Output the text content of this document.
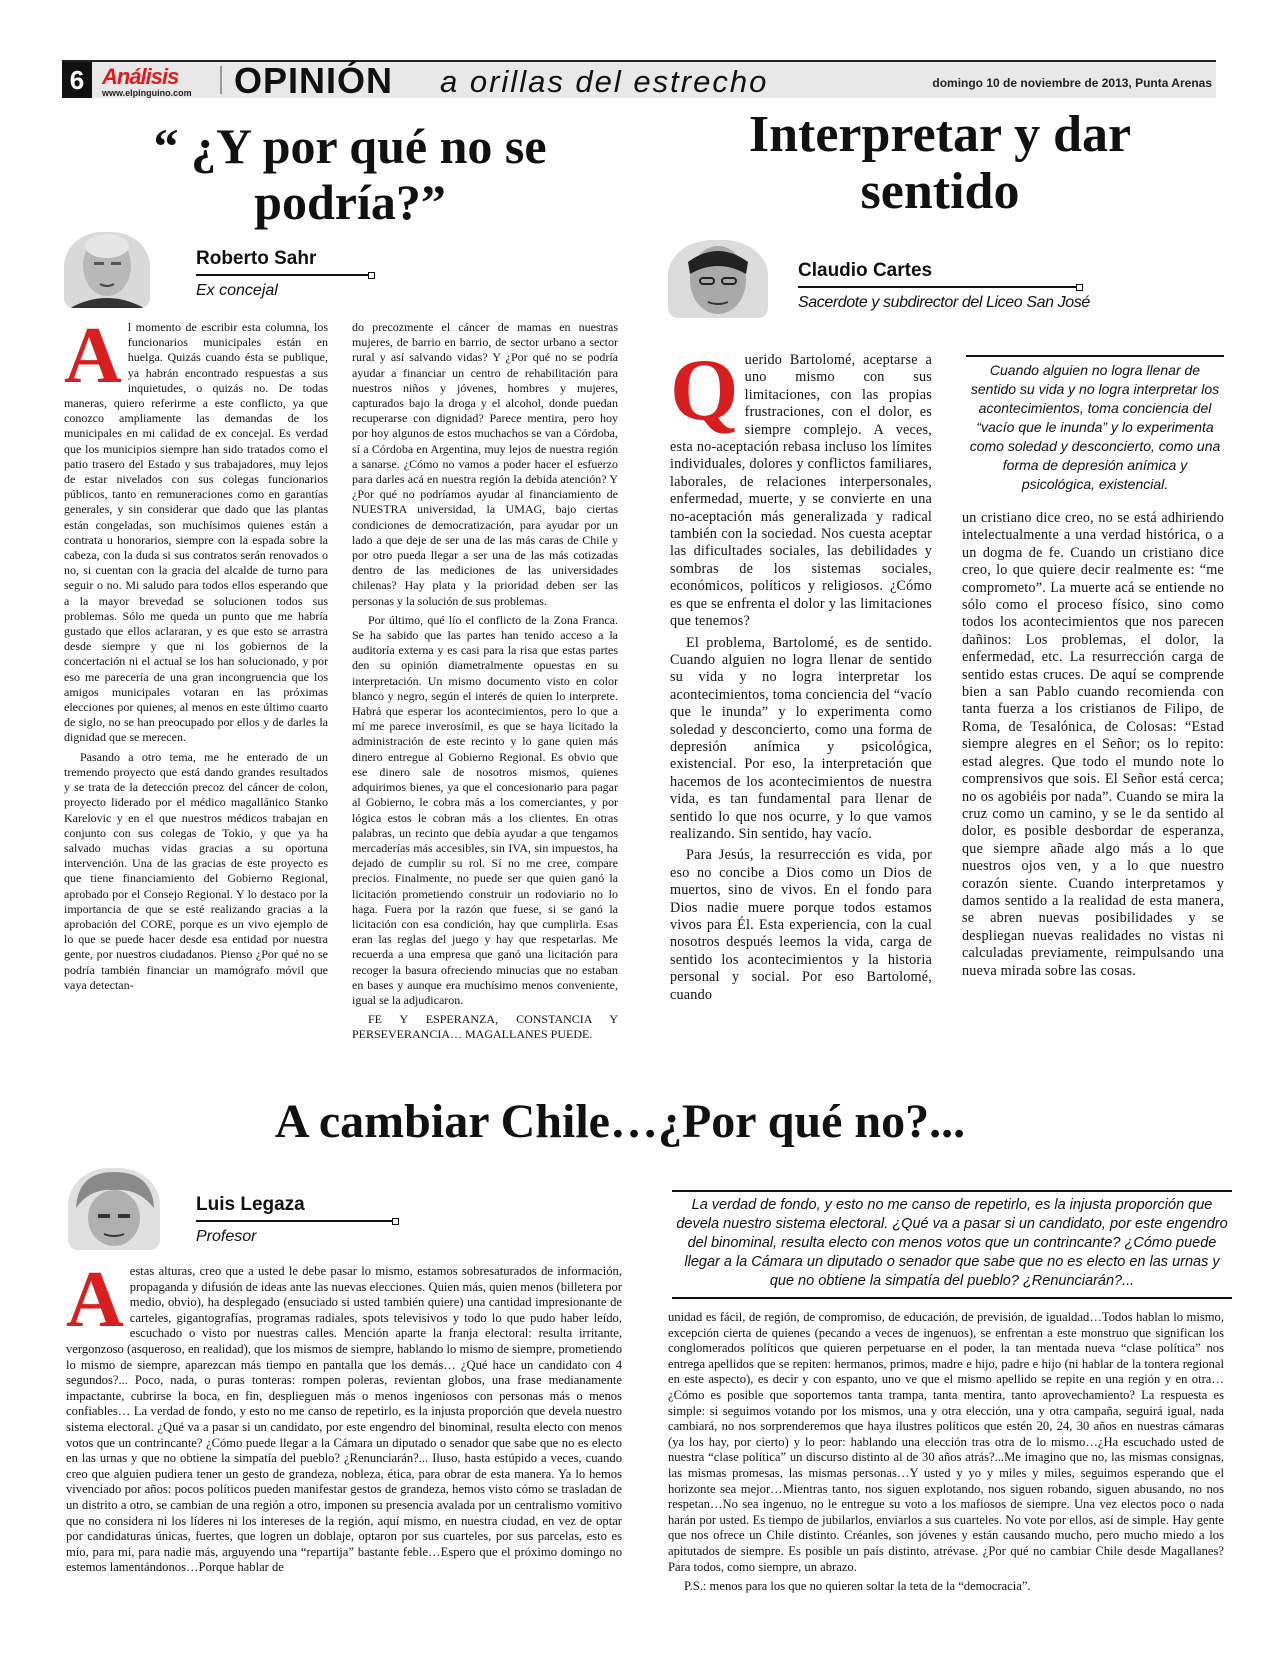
6 Análisis
www.elpinguino.com OPINIÓN a orillas del estrecho	domingo 10 de noviembre de 2013, Punta Arenas
“ ¿Y por qué no se podría?”
Roberto Sahr
Ex concejal
A l momento de escribir esta columna, los funcionarios municipales están en huelga. Quizás cuando ésta se publique, ya habrán encontrado respuestas a sus inquietudes, o quizás no. De todas maneras, quiero referirme a este conflicto, ya que conozco ampliamente las demandas de los municipales en mi calidad de ex concejal. Es verdad que los municipios siempre han sido tratados como el patio trasero del Estado y sus trabajadores, muy lejos de estar nivelados con sus colegas funcionarios públicos, tanto en remuneraciones como en garantías generales, y sin considerar que dado que las plantas están congeladas, son muchísimos quienes están a contrata u honorarios, siempre con la espada sobre la cabeza, con la duda si sus contratos serán renovados o no, si cuentan con la gracia del alcalde de turno para seguir o no. Mi saludo para todos ellos esperando que a la mayor brevedad se solucionen todos sus problemas. Sólo me queda un punto que me habría gustado que ellos aclararan, y es que esto se arrastra desde siempre y que ni los gobiernos de la concertación ni el actual se los han solucionado, y por eso me parecería de una gran incongruencia que los amigos municipales votaran en las próximas elecciones por quienes, al menos en este último cuarto de siglo, no se han preocupado por ellos y de darles la dignidad que se merecen.

Pasando a otro tema, me he enterado de un tremendo proyecto que está dando grandes resultados y se trata de la detección precoz del cáncer de colon, proyecto liderado por el médico magallánico Stanko Karelovic y en el que nuestros médicos trabajan en conjunto con sus colegas de Tokio, y que ya ha salvado muchas vidas gracias a su oportuna intervención. Una de las gracias de este proyecto es que tiene financiamiento del Gobierno Regional, aprobado por el Consejo Regional. Y lo destaco por la importancia de que se esté realizando gracias a la aprobación del CORE, porque es un vivo ejemplo de lo que se puede hacer desde esa entidad por nuestra gente, por nuestros ciudadanos. Pienso ¿Por qué no se podría también financiar un mamógrafo móvil que vaya detectan-

do precozmente el cáncer de mamas en nuestras mujeres, de barrio en barrio, de sector urbano a sector rural y así salvando vidas? Y ¿Por qué no se podría ayudar a financiar un centro de rehabilitación para nuestros niños y jóvenes, hombres y mujeres, capturados bajo la droga y el alcohol, donde puedan recuperarse con dignidad? Parece mentira, pero hoy por hoy algunos de estos muchachos se van a Córdoba, sí a Córdoba en Argentina, muy lejos de nuestra región a sanarse. ¿Cómo no vamos a poder hacer el esfuerzo para darles acá en nuestra región la debida atención? Y ¿Por qué no podríamos ayudar al financiamiento de NUESTRA universidad, la UMAG, bajo ciertas condiciones de democratización, para ayudar por un lado a que deje de ser una de las más caras de Chile y por otro pueda llegar a ser una de las más cotizadas dentro de las mediciones de las universidades chilenas? Hay plata y la prioridad deben ser las personas y la solución de sus problemas.

Por último, qué lío el conflicto de la Zona Franca. Se ha sabido que las partes han tenido acceso a la auditoría externa y es casi para la risa que estas partes den su opinión diametralmente opuestas en su interpretación. Un mismo documento visto en color blanco y negro, según el interés de quien lo interprete. Habrá que esperar los acontecimientos, pero lo que a mí me parece inverosímil, es que se haya licitado la administración de este recinto y lo gane quien más dinero entregue al Gobierno Regional. Es obvio que ese dinero sale de nosotros mismos, quienes adquirimos bienes, ya que el concesionario para pagar al Gobierno, le cobra más a los comerciantes, y por lógica estos le cobran más a los clientes. En otras palabras, un recinto que debía ayudar a que tengamos mercaderías más accesibles, sin IVA, sin impuestos, ha dejado de cumplir su rol. Sí no me cree, compare precios. Finalmente, no puede ser que quien ganó la licitación prometiendo construir un rodoviario no lo haga. Fuera por la razón que fuese, si se ganó la licitación con esa condición, hay que cumplirla. Esas eran las reglas del juego y hay que respetarlas. Me recuerda a una empresa que ganó una licitación para recoger la basura ofreciendo minucias que no estaban en bases y aunque era muchísimo menos conveniente, igual se la adjudicaron.

FE Y ESPERANZA, CONSTANCIA Y PERSEVERANCIA… MAGALLANES PUEDE.

Interpretar y dar sentido
Claudio Cartes
Sacerdote y subdirector del Liceo San José
Q uerido Bartolomé, aceptarse a uno mismo con sus limitaciones, con las propias frustraciones, con el dolor, es siempre complejo. A veces, esta no-aceptación rebasa incluso los límites individuales, dolores y conflictos familiares, laborales, de relaciones interpersonales, enfermedad, muerte, y se convierte en una no-aceptación más generalizada y radical también con la sociedad. Nos cuesta aceptar las dificultades sociales, las debilidades y sombras de los sistemas sociales, económicos, políticos y religiosos. ¿Cómo es que se enfrenta el dolor y las limitaciones que tenemos?

El problema, Bartolomé, es de sentido. Cuando alguien no logra llenar de sentido su vida y no logra interpretar los acontecimientos, toma conciencia del “vacío que le inunda” y lo experimenta como soledad y desconcierto, como una forma de depresión anímica y psicológica, existencial. Por eso, la interpretación que hacemos de los acontecimientos de nuestra vida, es tan fundamental para llenar de sentido lo que nos ocurre, y lo que vamos realizando. Sin sentido, hay vacío.

Para Jesús, la resurrección es vida, por eso no concibe a Dios como un Dios de muertos, sino de vivos. En el fondo para Dios nadie muere porque todos estamos vivos para Él. Esta experiencia, con la cual nosotros después leemos la vida, carga de sentido los acontecimientos y la historia personal y social. Por eso Bartolomé, cuando

Cuando alguien no logra llenar de sentido su vida y no logra interpretar los acontecimientos, toma conciencia del “vacío que le inunda” y lo experimenta como soledad y desconcierto, como una forma de depresión anímica y psicológica, existencial.

un cristiano dice creo, no se está adhiriendo intelectualmente a una verdad histórica, o a un dogma de fe. Cuando un cristiano dice creo, lo que quiere decir realmente es: “me comprometo”. La muerte acá se entiende no sólo como el proceso físico, sino como todos los acontecimientos que nos parecen dañinos: Los problemas, el dolor, la enfermedad, etc. La resurrección carga de sentido estas cruces. De aquí se comprende bien a san Pablo cuando recomienda con tanta fuerza a los cristianos de Filipo, de Roma, de Tesalónica, de Colosas: “Estad siempre alegres en el Señor; os lo repito: estad alegres. Que todo el mundo note lo comprensivos que sois. El Señor está cerca; no os agobiéis por nada”. Cuando se mira la cruz como un camino, y se le da sentido al dolor, es posible desbordar de esperanza, que siempre añade algo más a lo que nuestros ojos ven, y a lo que nuestro corazón siente. Cuando interpretamos y damos sentido a la realidad de esta manera, se abren nuevas posibilidades y se despliegan nuevas realidades no vistas ni calculadas previamente, reimpulsando una nueva mirada sobre las cosas.

A cambiar Chile…¿Por qué no?...
Luis Legaza
Profesor
A estas alturas, creo que a usted le debe pasar lo mismo, estamos sobresaturados de información, propaganda y difusión de ideas ante las nuevas elecciones. Quien más, quien menos (billetera por medio, obvio), ha desplegado (ensuciado si usted también quiere) una cantidad impresionante de carteles, gigantografías, programas radiales, spots televisivos y todo lo que pudo haber leído, escuchado o visto por nuestras calles. Mención aparte la franja electoral: resulta irritante, vergonzoso (asqueroso, en realidad), que los mismos de siempre, hablando lo mismo de siempre, prometiendo lo mismo de siempre, aparezcan más tiempo en pantalla que los demás… ¿Qué hace un candidato con 4 segundos?... Poco, nada, o puras tonteras: rompen poleras, revientan globos, una frase medianamente impactante, cubrirse la boca, en fin, desplieguen más o menos ingeniosos con personas más o menos confiables… La verdad de fondo, y esto no me canso de repetirlo, es la injusta proporción que devela nuestro sistema electoral. ¿Qué va a pasar si un candidato, por este engendro del binominal, resulta electo con menos votos que un contrincante? ¿Cómo puede llegar a la Cámara un diputado o senador que sabe que no es electo en las urnas y que no obtiene la simpatía del pueblo? ¿Renunciarán?... Iluso, hasta estúpido a veces, cuando creo que alguien pudiera tener un gesto de grandeza, nobleza, ética, para obrar de esta manera. Ya lo hemos vivenciado por años: pocos políticos pueden manifestar gestos de grandeza, hemos visto cómo se trasladan de un distrito a otro, se cambian de una región a otro, imponen su presencia avalada por un centralismo vomitivo que no considera ni los líderes ni los intereses de la región, aquí mismo, en nuestra ciudad, en vez de optar por candidaturas únicas, fuertes, que logren un doblaje, optaron por sus cuarteles, por sus parcelas, esto es mío, para mi, para nadie más, arguyendo una “repartija” bastante feble…Espero que el próximo domingo no estemos lamentándonos…Porque hablar de

La verdad de fondo, y esto no me canso de repetirlo, es la injusta proporción que devela nuestro sistema electoral. ¿Qué va a pasar si un candidato, por este engendro del binominal, resulta electo con menos votos que un contrincante? ¿Cómo puede llegar a la Cámara un diputado o senador que sabe que no es electo en las urnas y que no obtiene la simpatía del pueblo? ¿Renunciarán?...

unidad es fácil, de región, de compromiso, de educación, de previsión, de igualdad…Todos hablan lo mismo, excepción cierta de quienes (pecando a veces de ingenuos), se enfrentan a este monstruo que significan los conglomerados políticos que quieren perpetuarse en el poder, la tan mentada nueva “clase política” nos entrega apellidos que se repiten: hermanos, primos, madre e hijo, padre e hijo (ni hablar de la tontera regional en este aspecto), es decir y con espanto, uno ve que el mismo apellido se repite en una región y en otra…¿Cómo es posible que soportemos tanta trampa, tanta mentira, tanto aprovechamiento? La respuesta es simple: si seguimos votando por los mismos, una y otra elección, una y otra campaña, seguirá igual, nada cambiará, no nos sorprenderemos que haya ilustres políticos que estén 20, 24, 30 años en nuestras cámaras (ya los hay, por cierto) y lo peor: hablando una elección tras otra de lo mismo…¿Ha escuchado usted de nuestra “clase política” un discurso distinto al de 30 años atrás?...Me imagino que no, las mismas consignas, las mismas promesas, las mismas personas…Y usted y yo y miles y miles, seguimos esperando que el horizonte sea mejor…Mientras tanto, nos siguen explotando, nos siguen robando, siguen abusando, no nos respetan…No sea ingenuo, no le entregue su voto a los mafiosos de siempre. Una vez electos poco o nada harán por usted. Es tiempo de jubilarlos, enviarlos a sus cuarteles. No vote por ellos, así de simple. Hay gente que nos ofrece un Chile distinto. Créanles, son jóvenes y están causando mucho, pero mucho miedo a los apitutados de siempre. Es posible un país distinto, atrévase. ¿Por qué no cambiar Chile desde Magallanes? Para todos, como siempre, un abrazo.

P.S.: menos para los que no quieren soltar la teta de la “democracia”.
